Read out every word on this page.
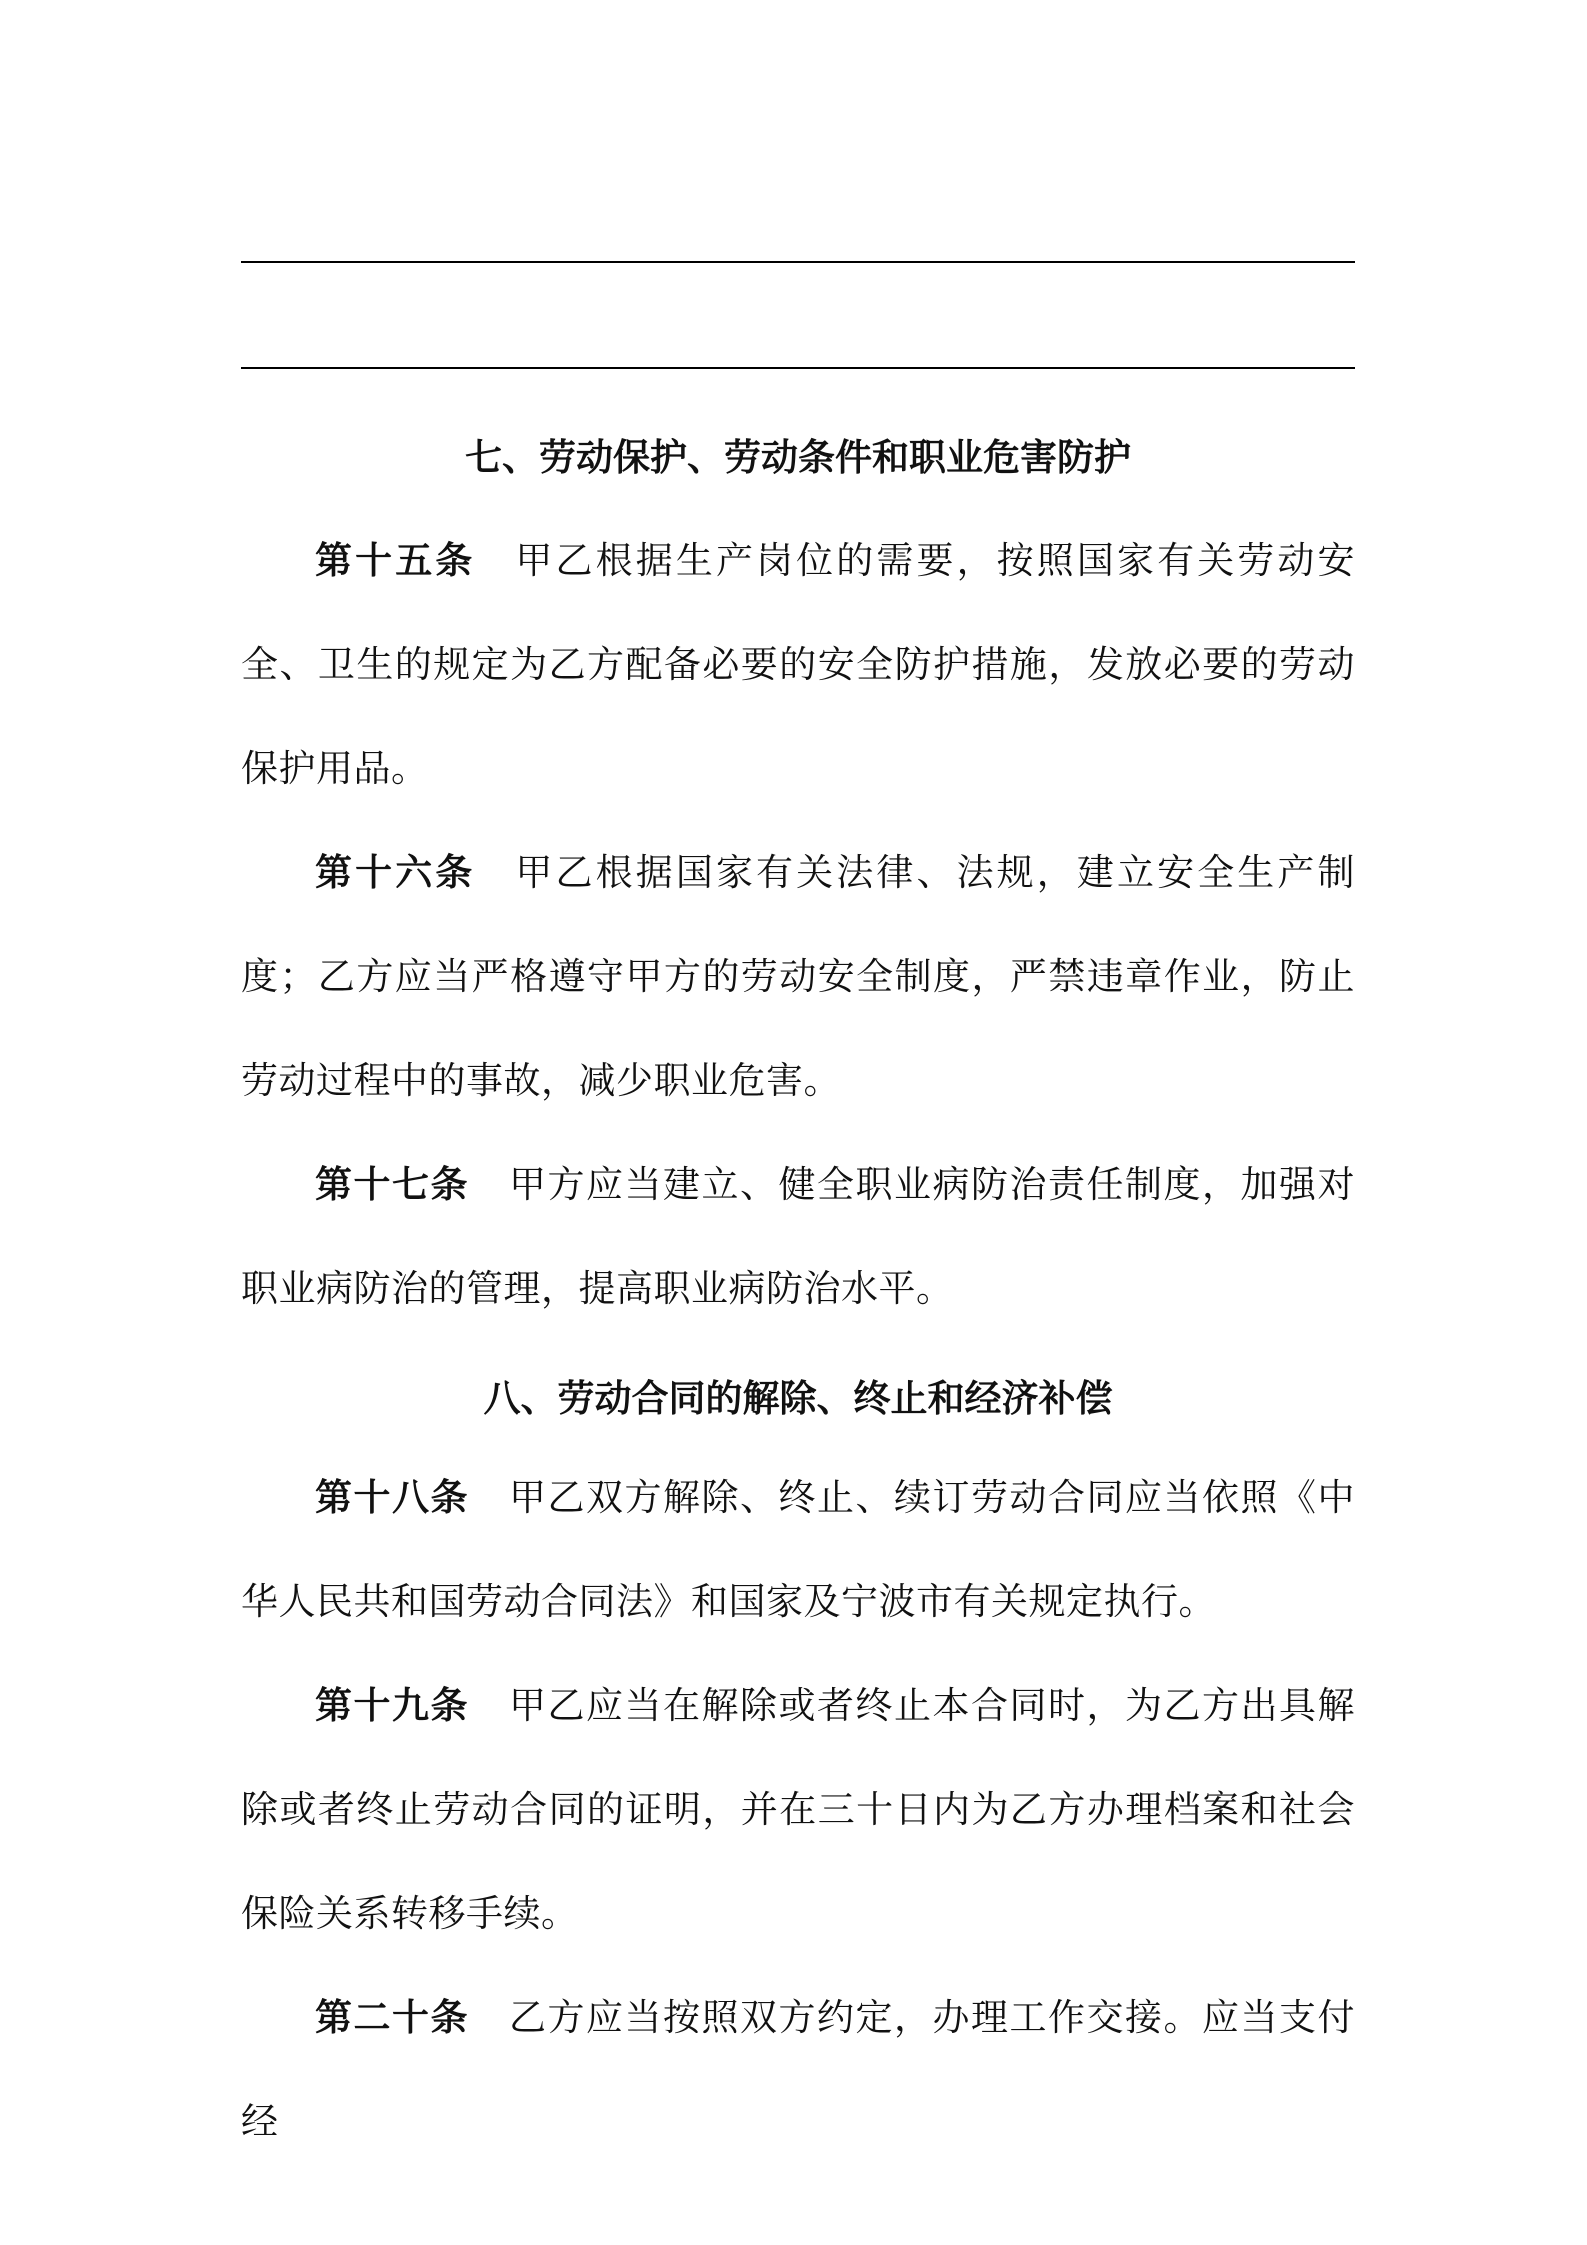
七、劳动保护、劳动条件和职业危害防护

第十五条 甲乙根据生产岗位的需要，按照国家有关劳动安全、卫生的规定为乙方配备必要的安全防护措施，发放必要的劳动保护用品。

第十六条 甲乙根据国家有关法律、法规，建立安全生产制度；乙方应当严格遵守甲方的劳动安全制度，严禁违章作业，防止劳动过程中的事故，减少职业危害。

第十七条 甲方应当建立、健全职业病防治责任制度，加强对职业病防治的管理，提高职业病防治水平。

八、劳动合同的解除、终止和经济补偿

第十八条 甲乙双方解除、终止、续订劳动合同应当依照《中华人民共和国劳动合同法》和国家及宁波市有关规定执行。

第十九条 甲乙应当在解除或者终止本合同时，为乙方出具解除或者终止劳动合同的证明，并在三十日内为乙方办理档案和社会保险关系转移手续。

第二十条 乙方应当按照双方约定，办理工作交接。应当支付经
